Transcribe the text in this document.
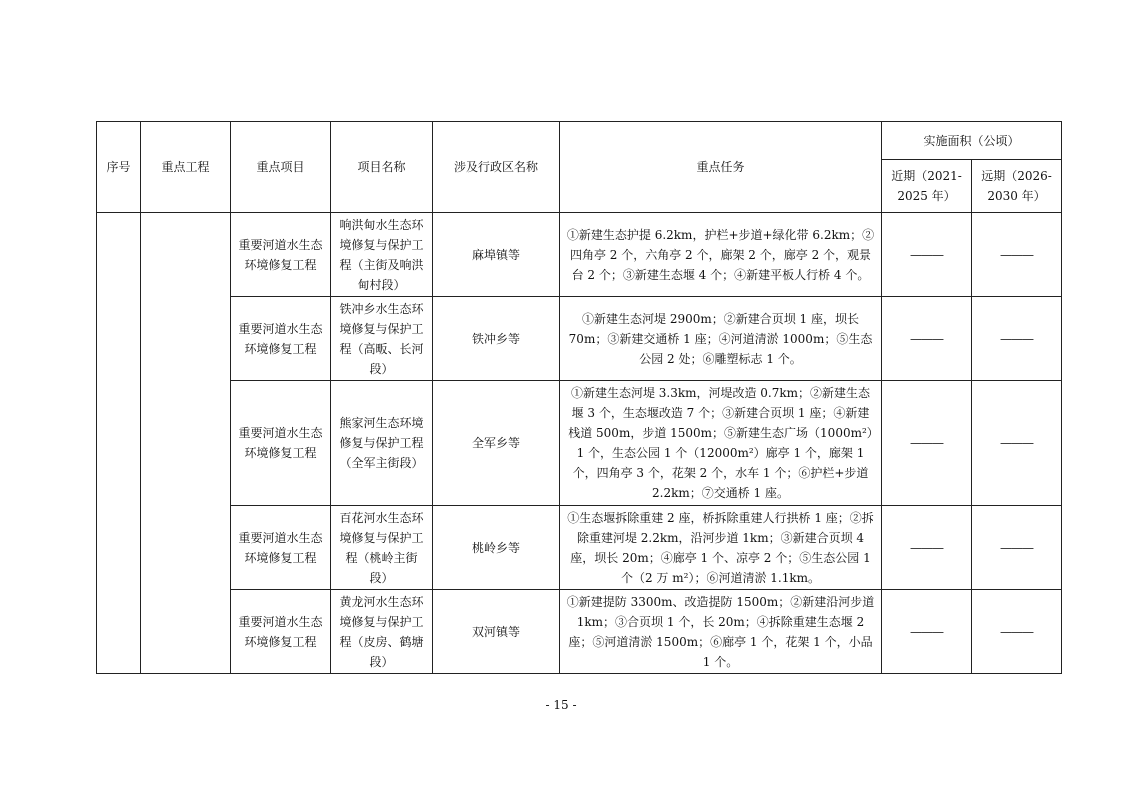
序号	重点工程	重点项目	项目名称	涉及行政区名称	重点任务	实施面积（公顷）	
						近期（2021-2025 年）	远期（2026-2030 年）
		重要河道水生态环境修复工程	响洪甸水生态环境修复与保护工程（主街及响洪甸村段）	麻埠镇等	①新建生态护提 6.2km，护栏+步道+绿化带 6.2km；②四角亭 2 个，六角亭 2 个，廊架 2 个，廊亭 2 个，观景台 2 个；③新建生态堰 4 个；④新建平板人行桥 4 个。	———	———
		重要河道水生态环境修复工程	铁冲乡水生态环境修复与保护工程（高畈、长河段）	铁冲乡等	①新建生态河堤 2900m；②新建合页坝 1 座，坝长 70m；③新建交通桥 1 座；④河道清淤 1000m；⑤生态公园 2 处；⑥雕塑标志 1 个。	———	———
		重要河道水生态环境修复工程	熊家河生态环境修复与保护工程（全军主街段）	全军乡等	①新建生态河堤 3.3km，河堤改造 0.7km；②新建生态堰 3 个，生态堰改造 7 个；③新建合页坝 1 座；④新建栈道 500m，步道 1500m；⑤新建生态广场（1000m²）1 个，生态公园 1 个（12000m²）廊亭 1 个，廊架 1 个，四角亭 3 个，花架 2 个，水车 1 个；⑥护栏+步道 2.2km；⑦交通桥 1 座。	———	———
		重要河道水生态环境修复工程	百花河水生态环境修复与保护工程（桃岭主街段）	桃岭乡等	①生态堰拆除重建 2 座，桥拆除重建人行拱桥 1 座；②拆除重建河堤 2.2km，沿河步道 1km；③新建合页坝 4 座，坝长 20m；④廊亭 1 个、凉亭 2 个；⑤生态公园 1 个（2 万 m²）；⑥河道清淤 1.1km。	———	———
		重要河道水生态环境修复工程	黄龙河水生态环境修复与保护工程（皮房、鹤塘段）	双河镇等	①新建提防 3300m、改造提防 1500m；②新建沿河步道 1km；③合页坝 1 个，长 20m；④拆除重建生态堰 2 座；⑤河道清淤 1500m；⑥廊亭 1 个，花架 1 个，小品 1 个。	———	———
- 15 -
